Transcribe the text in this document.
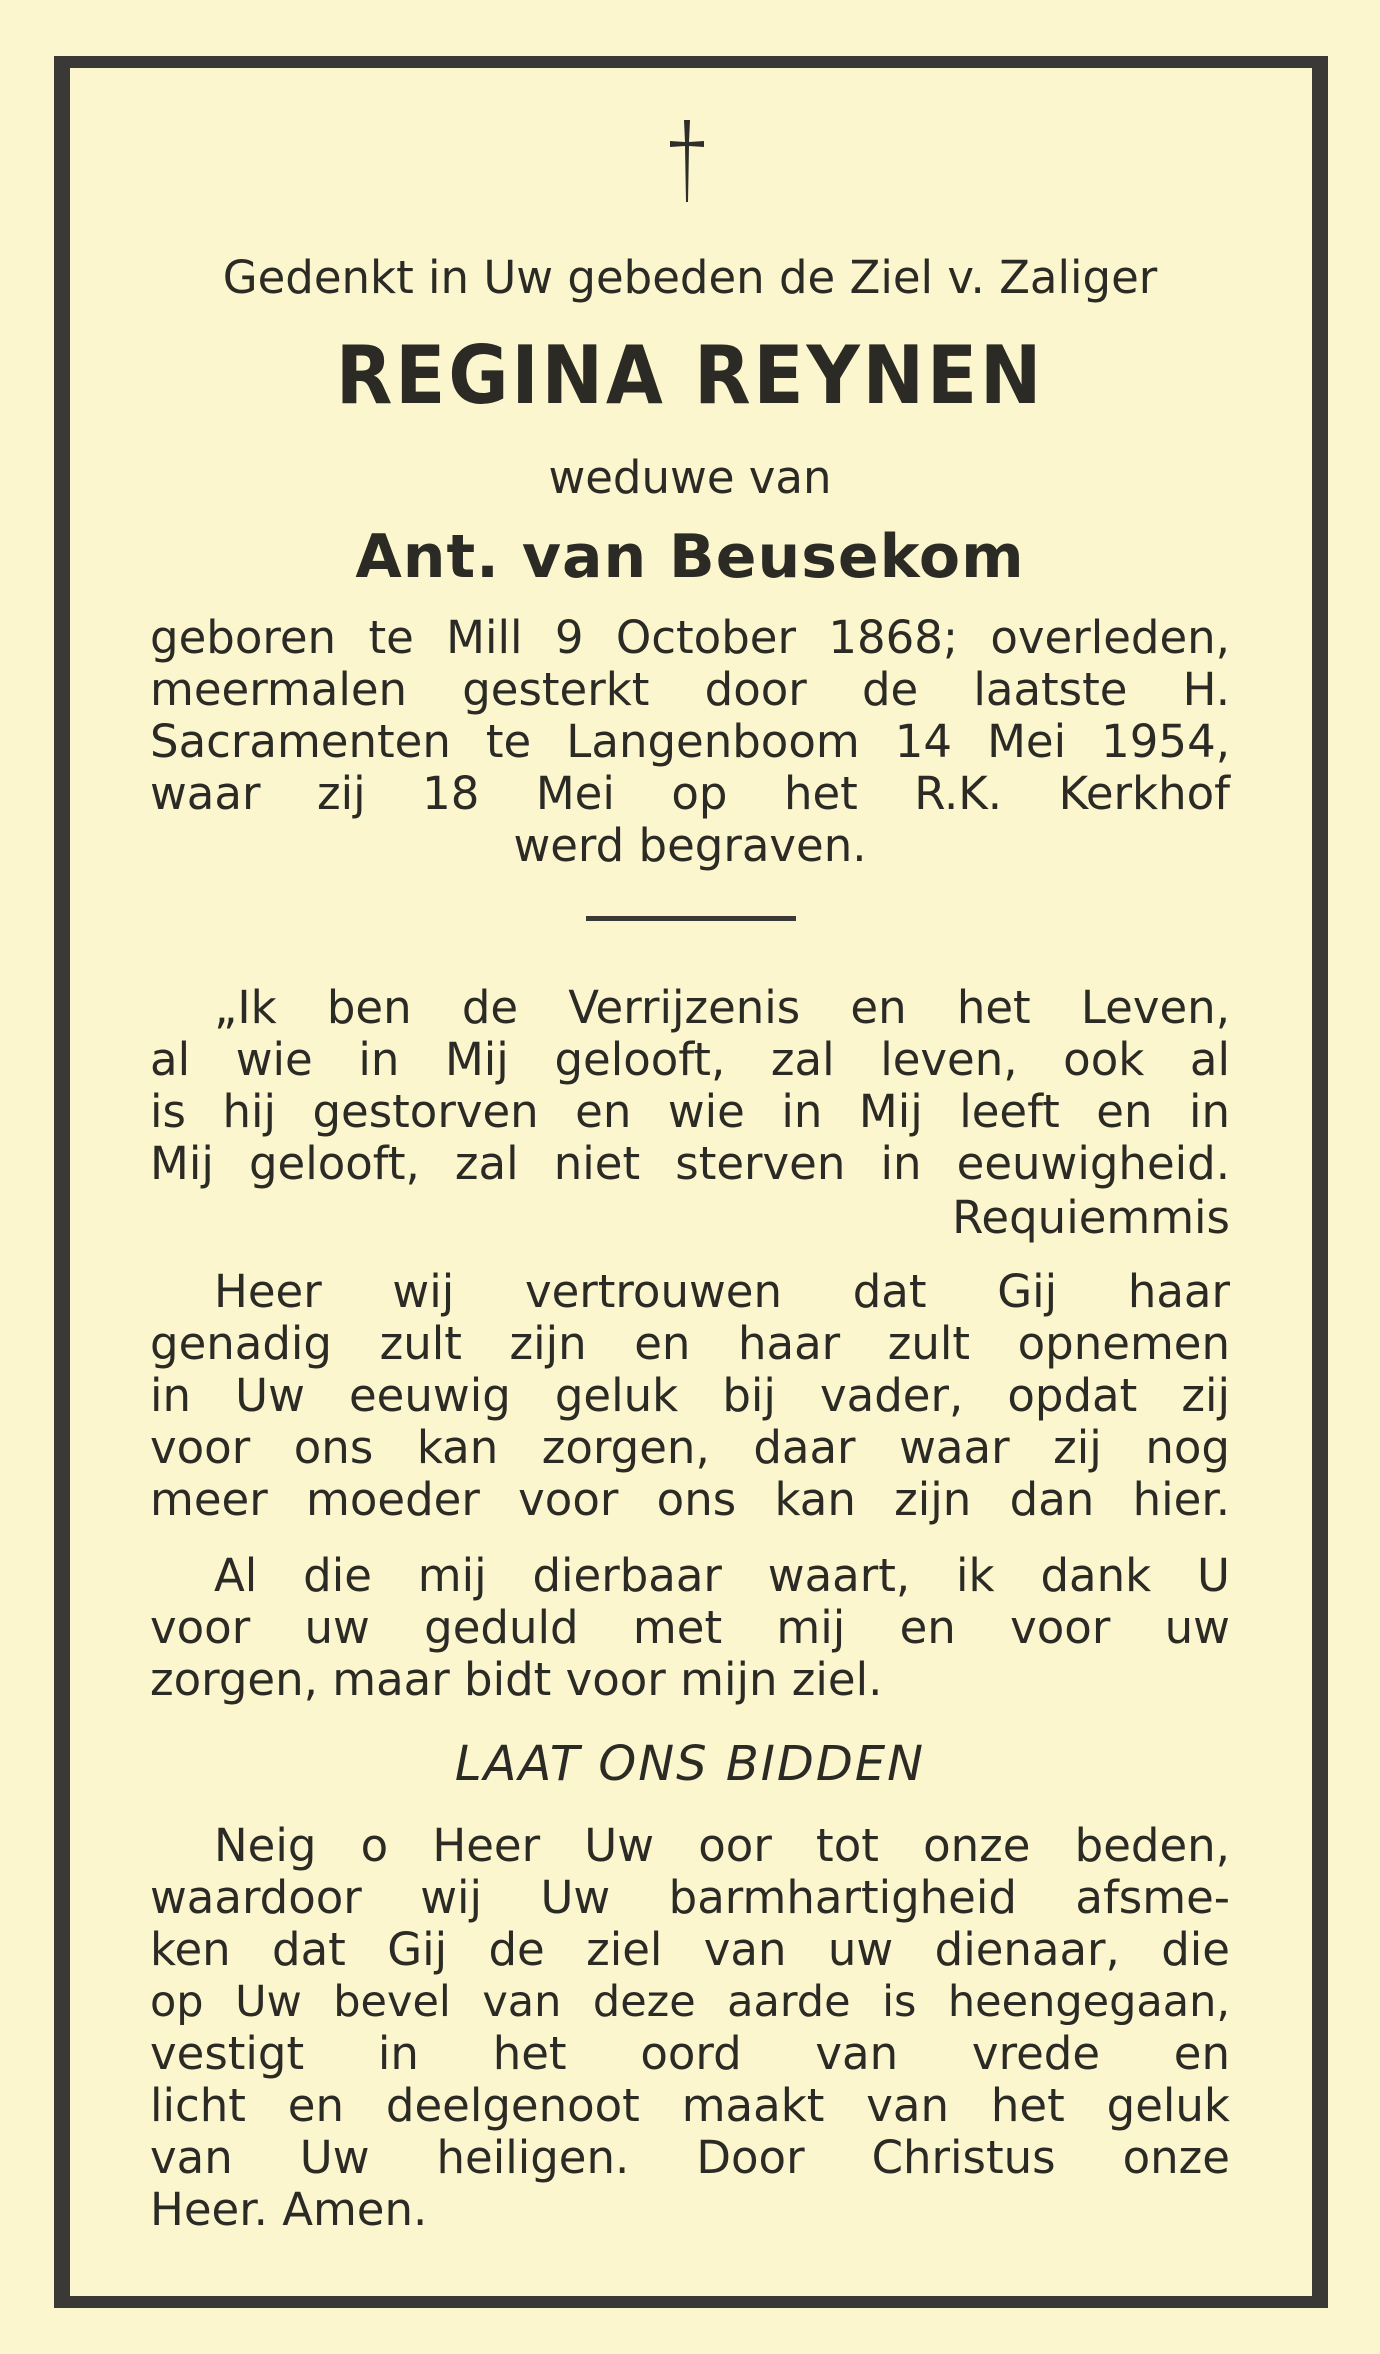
Gedenkt in Uw gebeden de Ziel v. Zaliger

REGINA REYNEN

weduwe van

Ant. van Beusekom

geboren te Mill 9 October 1868; overleden,

meermalen gesterkt door de laatste H.

Sacramenten te Langenboom 14 Mei 1954,

waar zij 18 Mei op het R.K. Kerkhof

werd begraven.

„Ik ben de Verrijzenis en het Leven,

al wie in Mij gelooft, zal leven, ook al

is hij gestorven en wie in Mij leeft en in

Mij gelooft, zal niet sterven in eeuwigheid.

Requiemmis

Heer wij vertrouwen dat Gij haar

genadig zult zijn en haar zult opnemen

in Uw eeuwig geluk bij vader, opdat zij

voor ons kan zorgen, daar waar zij nog

meer moeder voor ons kan zijn dan hier.

Al die mij dierbaar waart, ik dank U

voor uw geduld met mij en voor uw

zorgen, maar bidt voor mijn ziel.

LAAT ONS BIDDEN

Neig o Heer Uw oor tot onze beden,

waardoor wij Uw barmhartigheid afsme-

ken dat Gij de ziel van uw dienaar, die

op Uw bevel van deze aarde is heengegaan,

vestigt in het oord van vrede en

licht en deelgenoot maakt van het geluk

van Uw heiligen. Door Christus onze

Heer. Amen.
